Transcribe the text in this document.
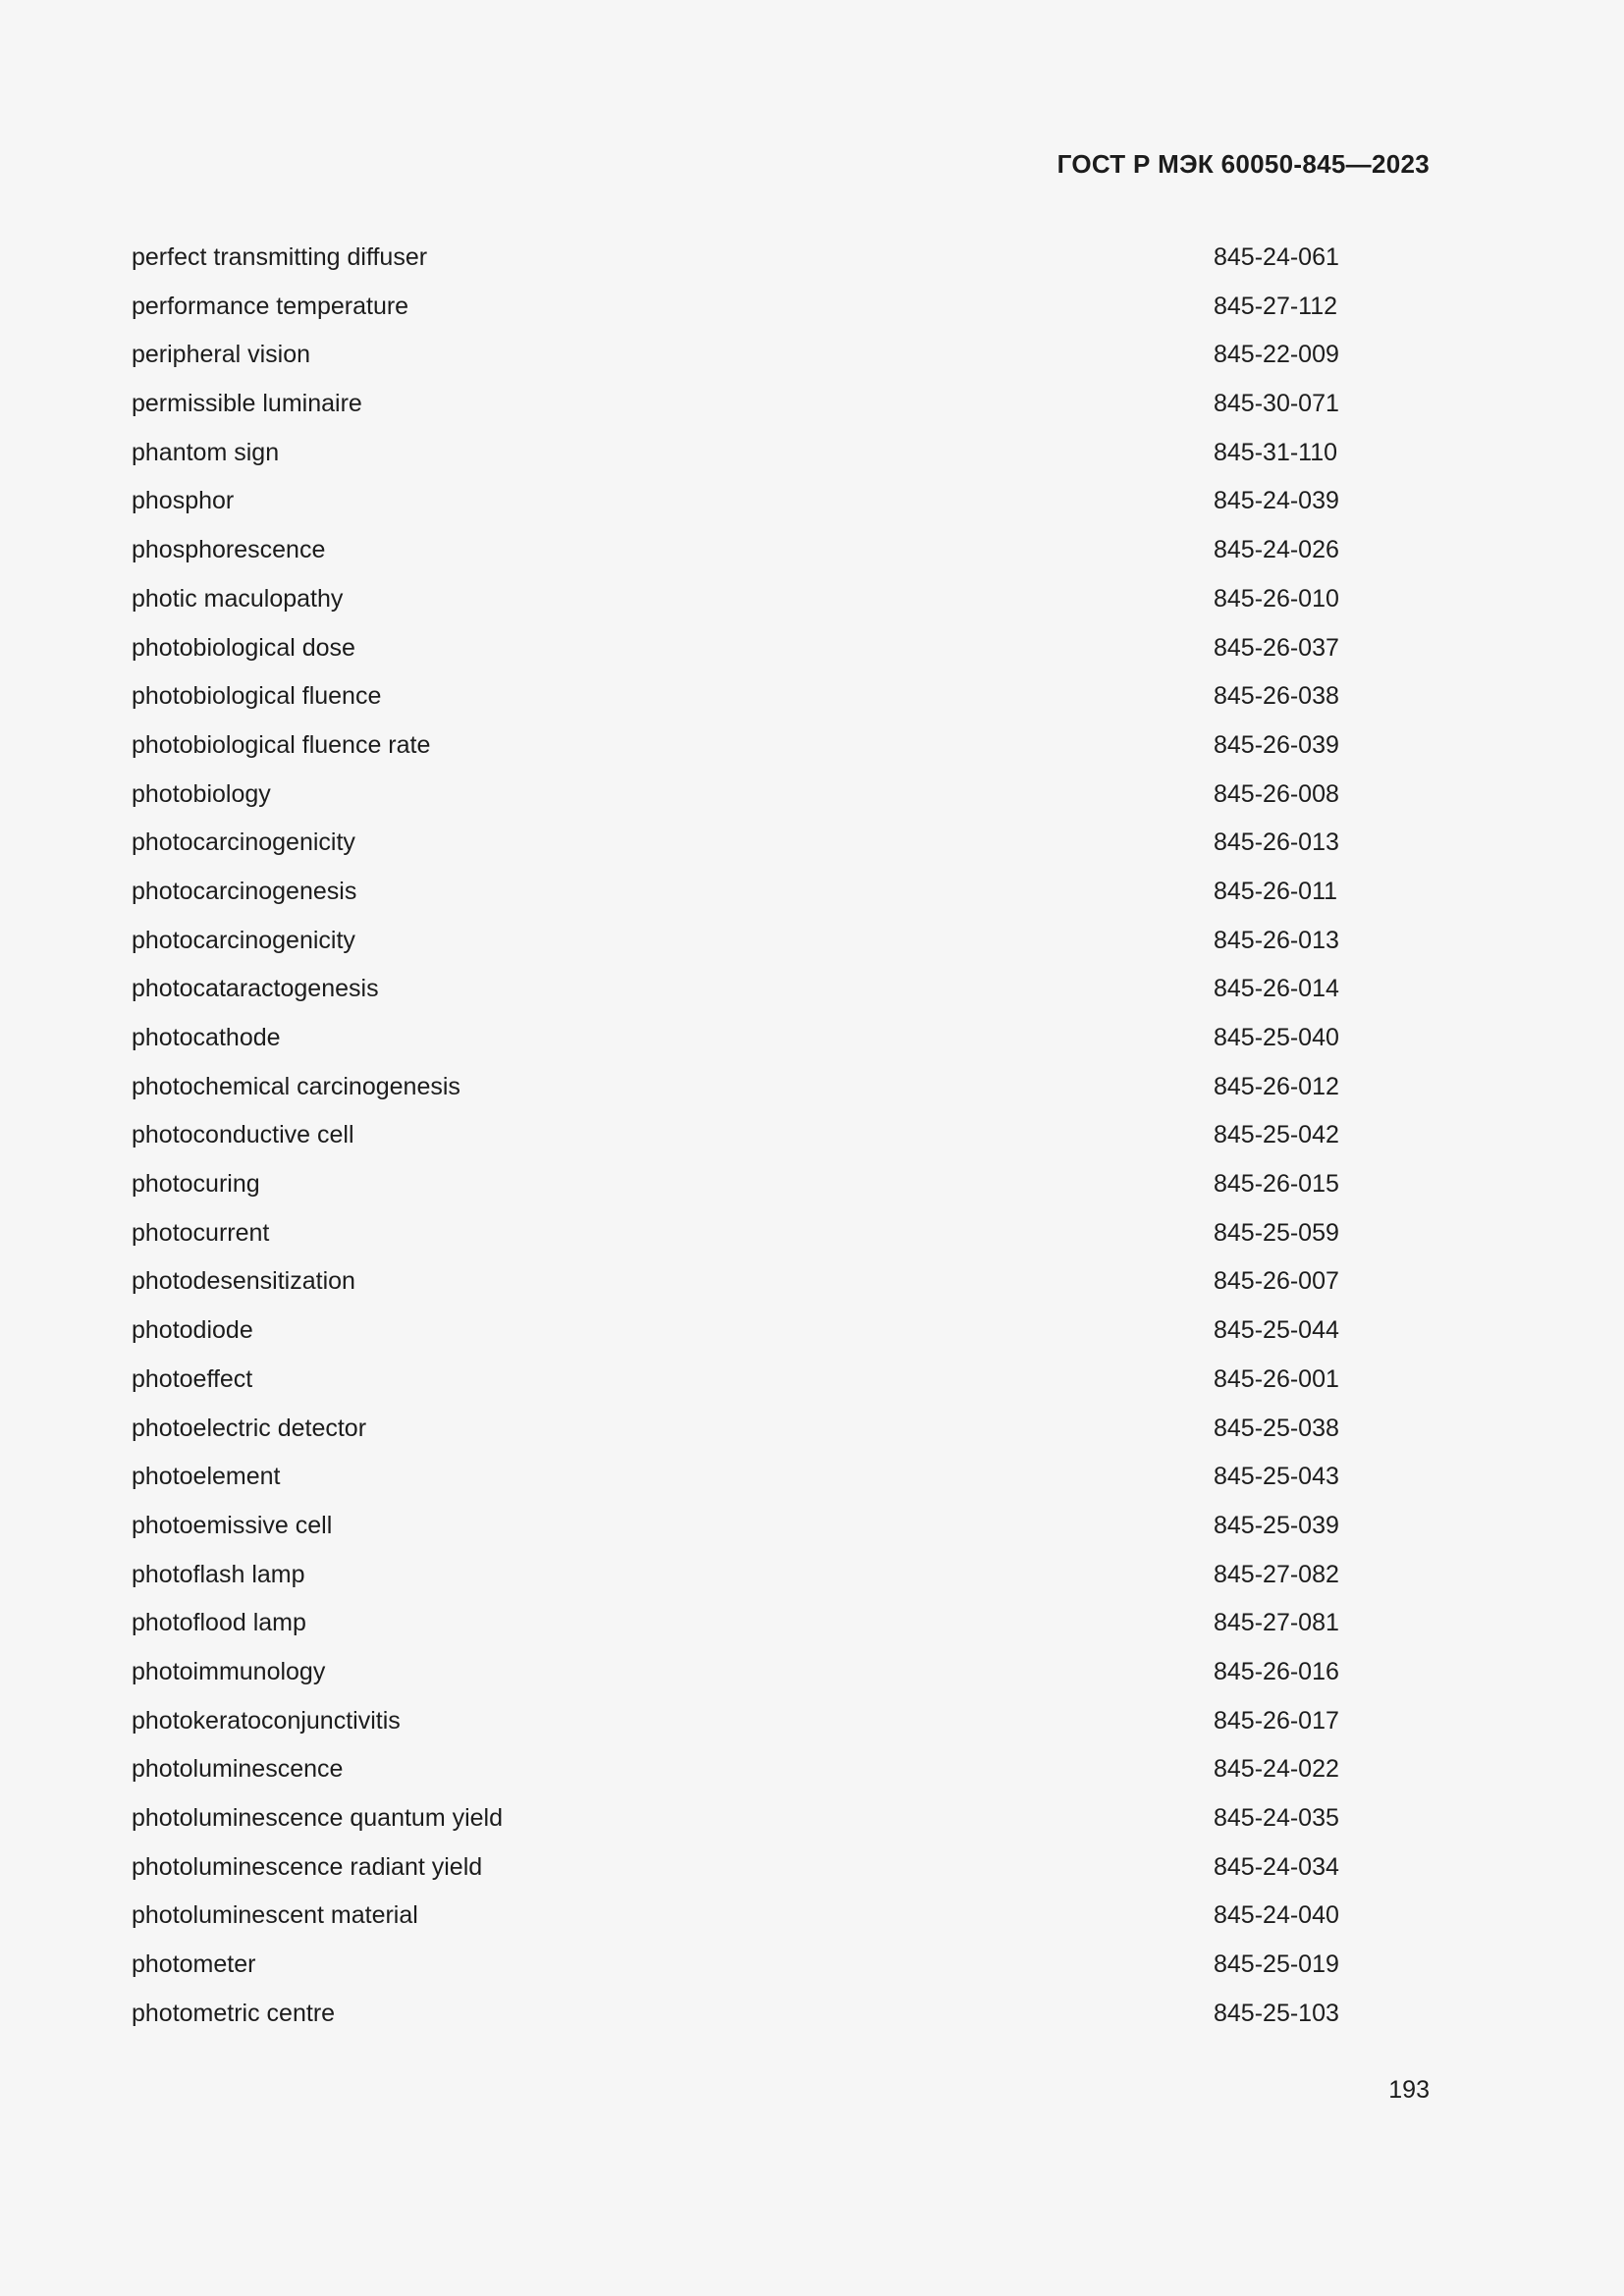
ГОСТ Р МЭК 60050-845—2023
perfect transmitting diffuser	845-24-061
performance temperature	845-27-112
peripheral vision	845-22-009
permissible luminaire	845-30-071
phantom sign	845-31-110
phosphor	845-24-039
phosphorescence	845-24-026
photic maculopathy	845-26-010
photobiological dose	845-26-037
photobiological fluence	845-26-038
photobiological fluence rate	845-26-039
photobiology	845-26-008
photocarcinogenicity	845-26-013
photocarcinogenesis	845-26-011
photocarcinogenicity	845-26-013
photocataractogenesis	845-26-014
photocathode	845-25-040
photochemical carcinogenesis	845-26-012
photoconductive cell	845-25-042
photocuring	845-26-015
photocurrent	845-25-059
photodesensitization	845-26-007
photodiode	845-25-044
photoeffect	845-26-001
photoelectric detector	845-25-038
photoelement	845-25-043
photoemissive cell	845-25-039
photoflash lamp	845-27-082
photoflood lamp	845-27-081
photoimmunology	845-26-016
photokeratoconjunctivitis	845-26-017
photoluminescence	845-24-022
photoluminescence quantum yield	845-24-035
photoluminescence radiant yield	845-24-034
photoluminescent material	845-24-040
photometer	845-25-019
photometric centre	845-25-103
193
